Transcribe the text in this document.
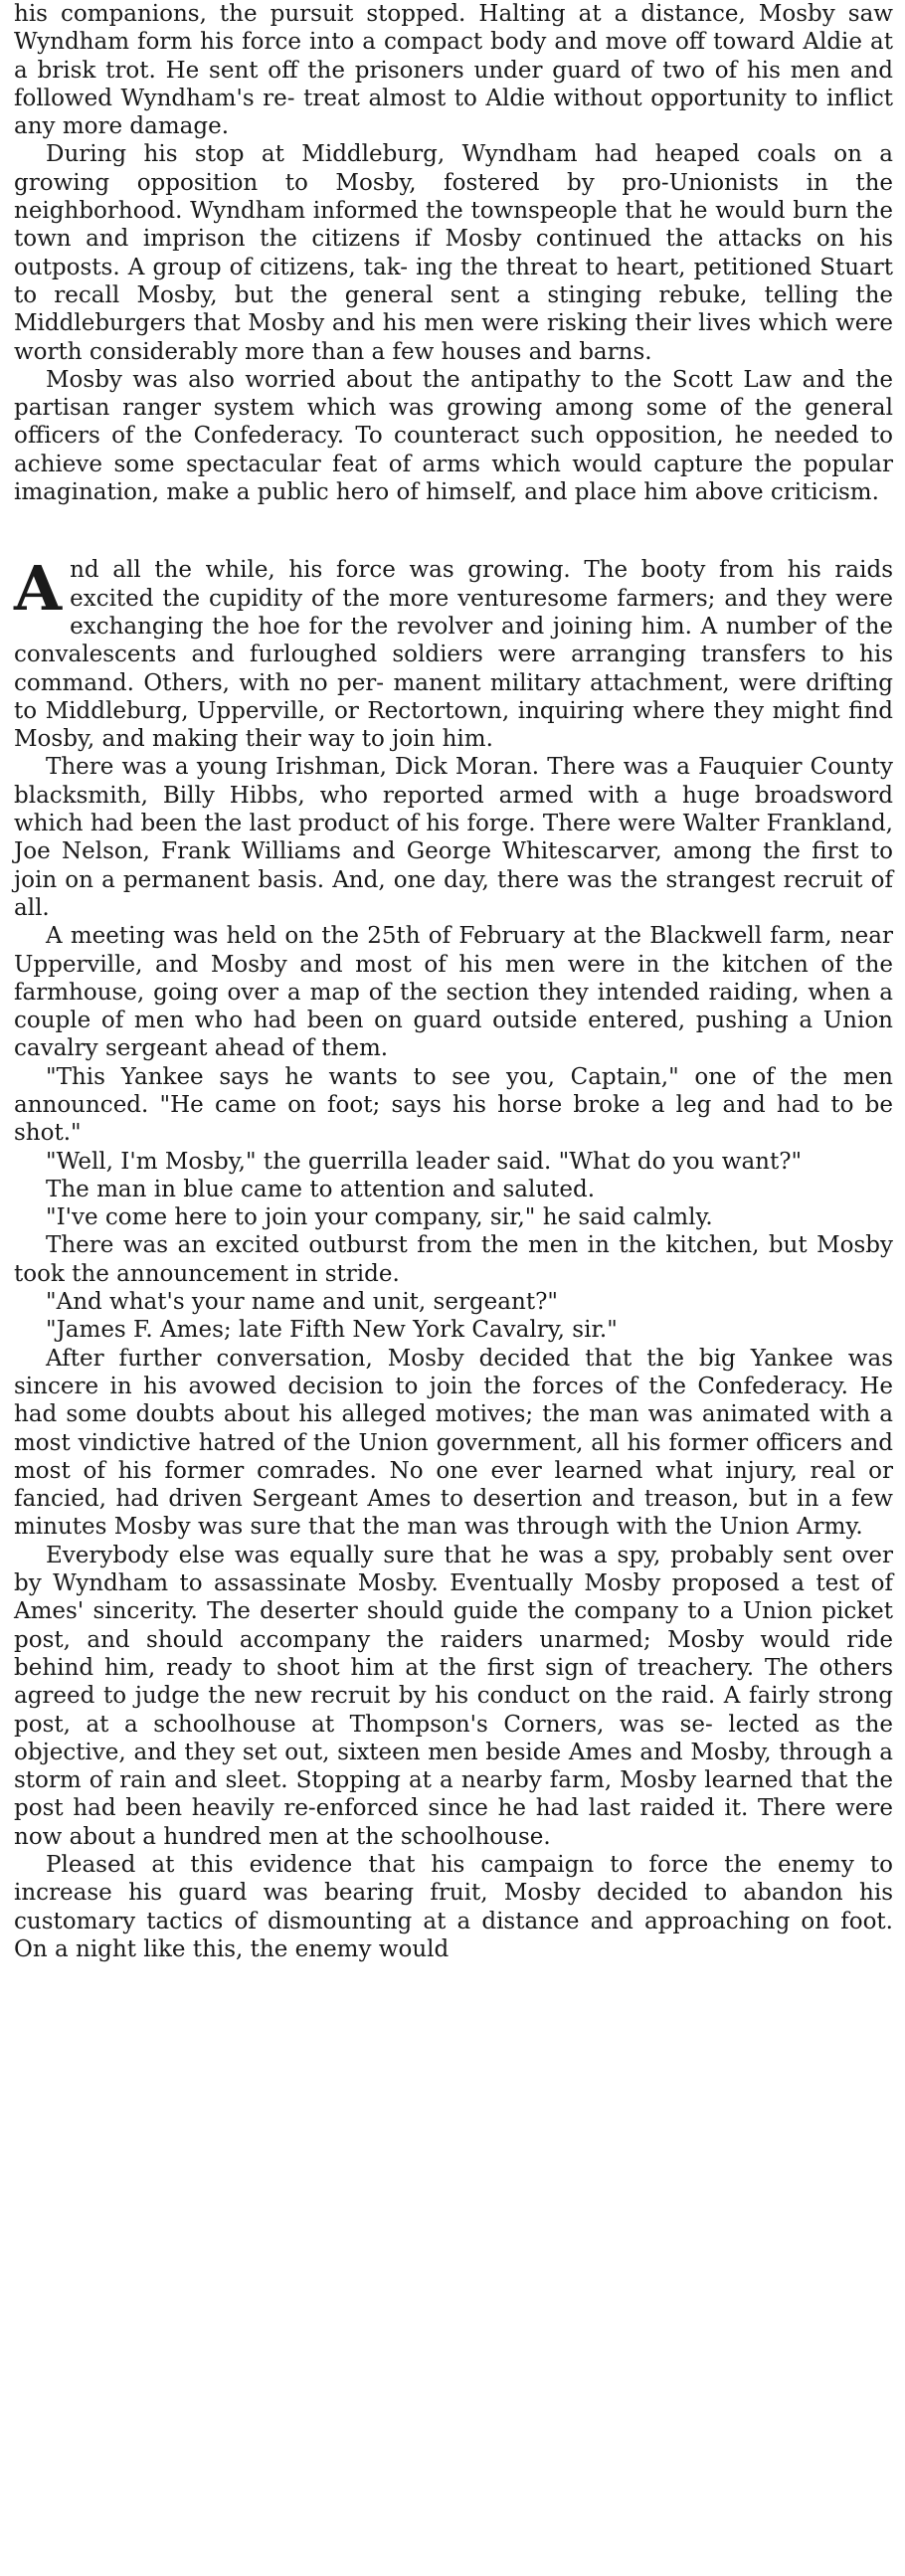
his companions, the pursuit stopped. Halting at a distance, Mosby saw Wyndham form his force into a compact body and move off toward Aldie at a brisk trot. He sent off the prisoners under guard of two of his men and followed Wyndham's re- treat almost to Aldie without opportunity to inflict any more damage.

During his stop at Middleburg, Wyndham had heaped coals on a growing opposition to Mosby, fostered by pro-Unionists in the neighborhood. Wyndham informed the townspeople that he would burn the town and imprison the citizens if Mosby continued the attacks on his outposts. A group of citizens, tak- ing the threat to heart, petitioned Stuart to recall Mosby, but the general sent a stinging rebuke, telling the Middleburgers that Mosby and his men were risking their lives which were worth considerably more than a few houses and barns.

Mosby was also worried about the antipathy to the Scott Law and the partisan ranger system which was growing among some of the general officers of the Confederacy. To counteract such opposition, he needed to achieve some spectacular feat of arms which would capture the popular imagination, make a public hero of himself, and place him above criticism.

And all the while, his force was growing. The booty from his raids excited the cupidity of the more venturesome farmers; and they were exchanging the hoe for the revolver and joining him. A number of the convalescents and furloughed soldiers were arranging transfers to his command. Others, with no per- manent military attachment, were drifting to Middleburg, Upperville, or Rectortown, inquiring where they might find Mosby, and making their way to join him.

There was a young Irishman, Dick Moran. There was a Fauquier County blacksmith, Billy Hibbs, who reported armed with a huge broadsword which had been the last product of his forge. There were Walter Frankland, Joe Nelson, Frank Williams and George Whitescarver, among the first to join on a permanent basis. And, one day, there was the strangest recruit of all.

A meeting was held on the 25th of February at the Blackwell farm, near Upperville, and Mosby and most of his men were in the kitchen of the farmhouse, going over a map of the section they intended raiding, when a couple of men who had been on guard outside entered, pushing a Union cavalry sergeant ahead of them.

"This Yankee says he wants to see you, Captain," one of the men announced. "He came on foot; says his horse broke a leg and had to be shot."

"Well, I'm Mosby," the guerrilla leader said. "What do you want?"

The man in blue came to attention and saluted.

"I've come here to join your company, sir," he said calmly.

There was an excited outburst from the men in the kitchen, but Mosby took the announcement in stride.

"And what's your name and unit, sergeant?"

"James F. Ames; late Fifth New York Cavalry, sir."

After further conversation, Mosby decided that the big Yankee was sincere in his avowed decision to join the forces of the Confederacy. He had some doubts about his alleged motives; the man was animated with a most vindictive hatred of the Union government, all his former officers and most of his former comrades. No one ever learned what injury, real or fancied, had driven Sergeant Ames to desertion and treason, but in a few minutes Mosby was sure that the man was through with the Union Army.

Everybody else was equally sure that he was a spy, probably sent over by Wyndham to assassinate Mosby. Eventually Mosby proposed a test of Ames' sincerity. The deserter should guide the company to a Union picket post, and should accompany the raiders unarmed; Mosby would ride behind him, ready to shoot him at the first sign of treachery. The others agreed to judge the new recruit by his conduct on the raid. A fairly strong post, at a schoolhouse at Thompson's Corners, was se- lected as the objective, and they set out, sixteen men beside Ames and Mosby, through a storm of rain and sleet. Stopping at a nearby farm, Mosby learned that the post had been heavily re-enforced since he had last raided it. There were now about a hundred men at the schoolhouse.

Pleased at this evidence that his campaign to force the enemy to increase his guard was bearing fruit, Mosby decided to abandon his customary tactics of dismounting at a distance and approaching on foot. On a night like this, the enemy would
